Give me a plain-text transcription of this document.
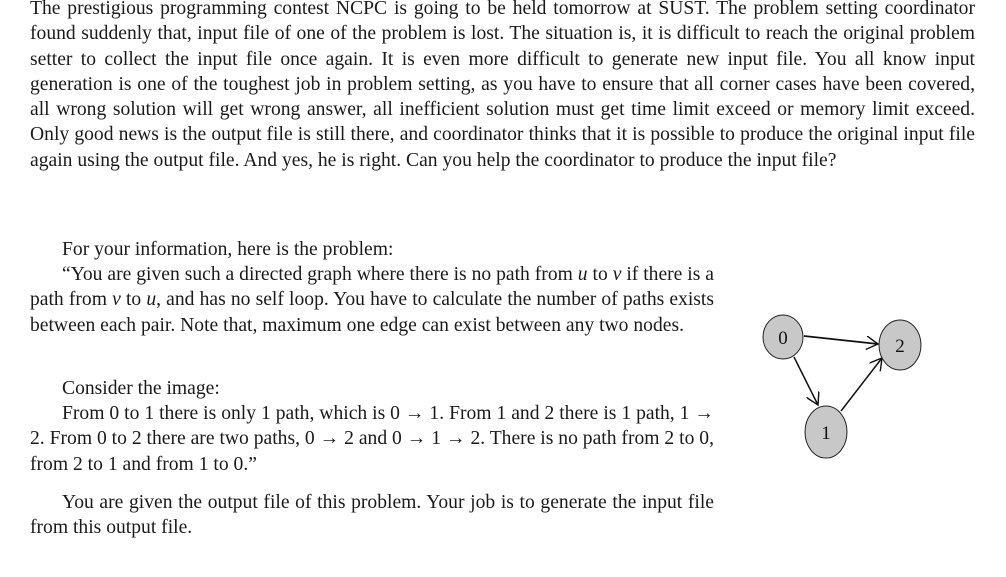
The prestigious programming contest NCPC is going to be held tomorrow at SUST. The problem setting coordinator found suddenly that, input file of one of the problem is lost. The situation is, it is difficult to reach the original problem setter to collect the input file once again. It is even more difficult to generate new input file. You all know input generation is one of the toughest job in problem setting, as you have to ensure that all corner cases have been covered, all wrong solution will get wrong answer, all inefficient solution must get time limit exceed or memory limit exceed. Only good news is the output file is still there, and coordinator thinks that it is possible to produce the original input file again using the output file. And yes, he is right. Can you help the coordinator to produce the input file?

For your information, here is the problem:

“You are given such a directed graph where there is no path from u to v if there is a path from v to u, and has no self loop. You have to calculate the number of paths exists between each pair. Note that, maximum one edge can exist between any two nodes.

Consider the image:

From 0 to 1 there is only 1 path, which is 0 → 1. From 1 and 2 there is 1 path, 1 → 2. From 0 to 2 there are two paths, 0 → 2 and 0 → 1 → 2. There is no path from 2 to 0, from 2 to 1 and from 1 to 0.”

You are given the output file of this problem. Your job is to generate the input file from this output file.

0	2
1
